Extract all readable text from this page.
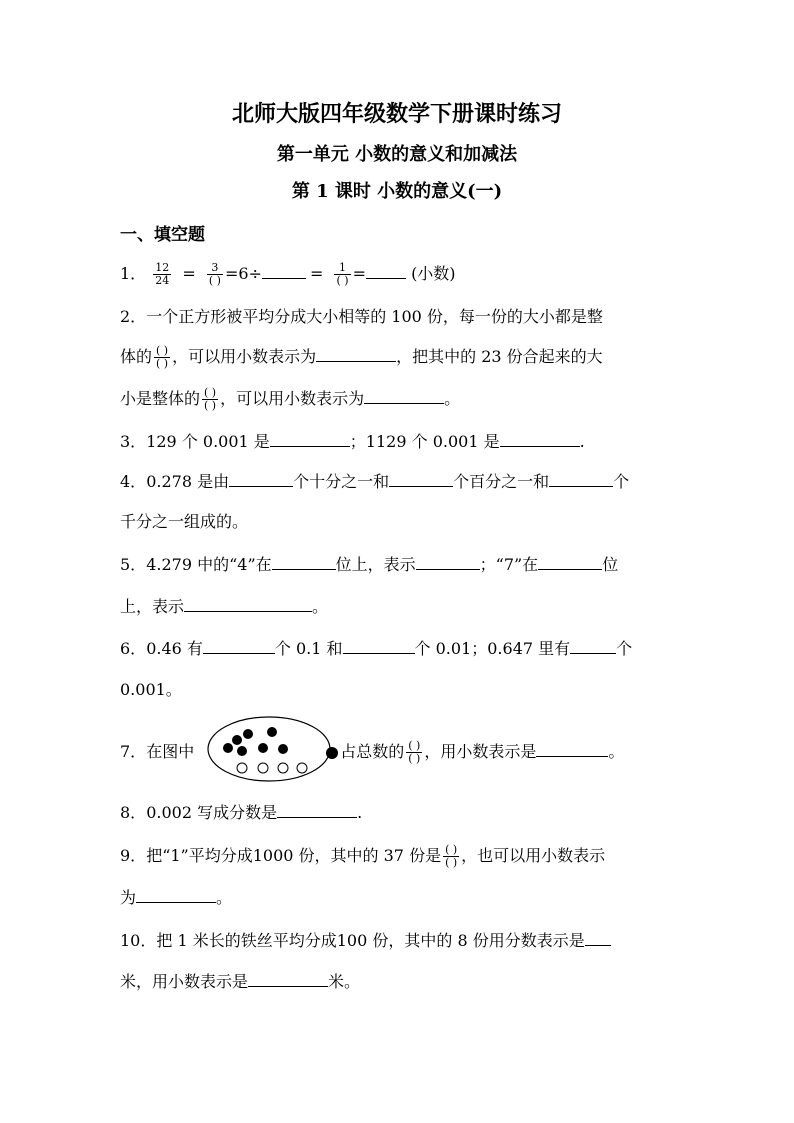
北师大版四年级数学下册课时练习
第一单元 小数的意义和加减法
第 1 课时 小数的意义(一)
一、填空题
1． $\frac{12}{24} = \frac{3}{( )} =6\div$	= $\frac{1}{( )}$ =	(小数)
2．一个正方形被平均分成大小相等的 100 份，每一份的大小都是整
体的 $\frac{( )}{( )}$ ，可以用小数表示为	，把其中的 23 份合起来的大
小是整体的 $\frac{( )}{( )}$ ，可以用小数表示为	。
3．129 个 0.001 是	；1129 个 0.001 是	.
4．0.278 是由	个十分之一和	个百分之一和	个
千分之一组成的。
5．4.279 中的“4”在	位上，表示	；“7”在	位
上，表示	。
6．0.46 有	个 0.1 和	个 0.01；0.647 里有	个
0.001。
7．在图中	占总数的 $\frac{( )}{( )}$ ，用小数表示是	。
8．0.002 写成分数是	.
9．把“1”平均分成1000 份，其中的 37 份是 $\frac{( )}{( )}$ ，也可以用小数表示
为	。
10．把 1 米长的铁丝平均分成100 份，其中的 8 份用分数表示是
米，用小数表示是	米。
